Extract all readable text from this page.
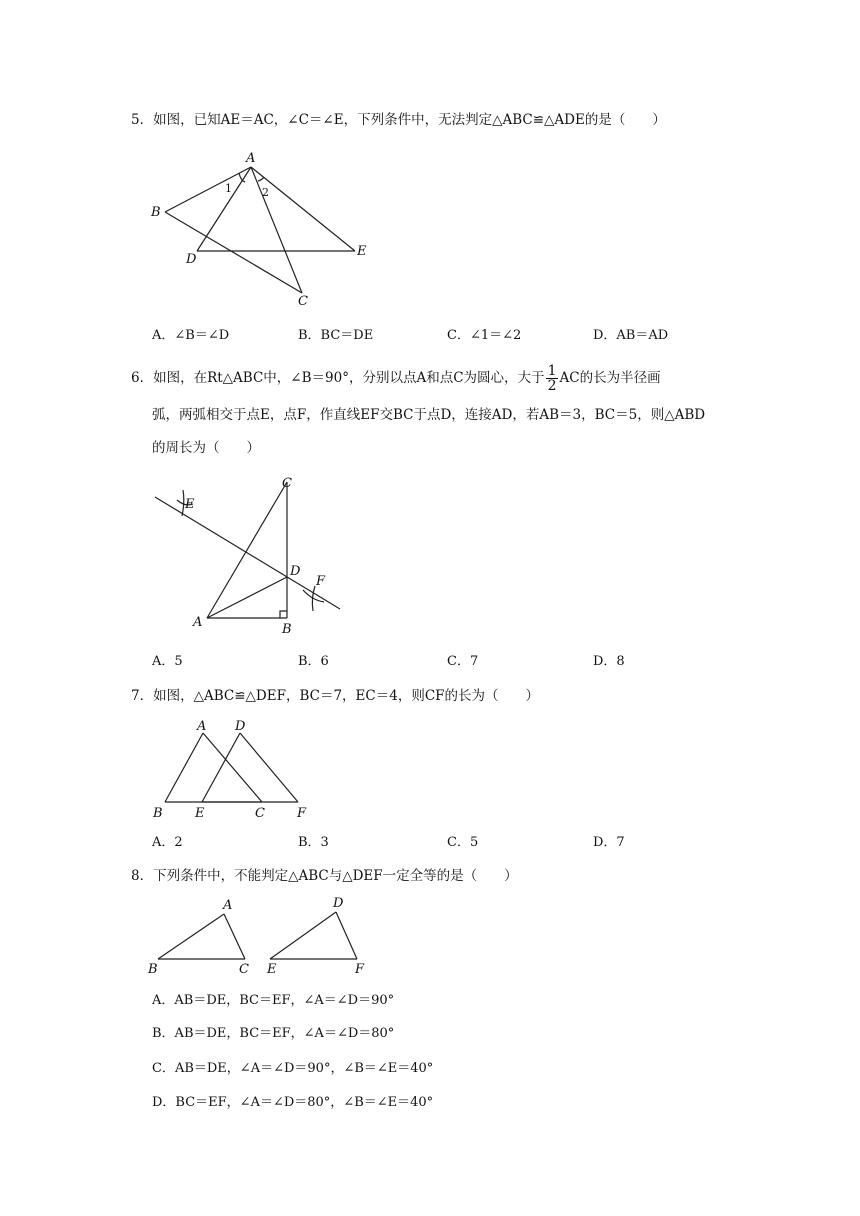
5．如图，已知AE＝AC，∠C＝∠E，下列条件中，无法判定△ABC≌△ADE的是（　　）
A
B
C
D
E
1	2
A．∠B＝∠D	B．BC＝DE	C．∠1＝∠2	D．AB＝AD
6．如图，在Rt△ABC中，∠B＝90°，分别以点A和点C为圆心，大于 $\frac{1}{2}$ AC的长为半径画
弧，两弧相交于点E，点F，作直线EF交BC于点D，连接AD，若AB＝3，BC＝5，则△ABD
的周长为（　　）
A	B
C
D
E
F
A．5	B．6	C．7	D．8
7．如图，△ABC≌△DEF，BC＝7，EC＝4，则CF的长为（　　）
A
B	C
D
E	F
A．2	B．3	C．5	D．7
8．下列条件中，不能判定△ABC与△DEF一定全等的是（　　）
A
B	C
D
E	F
A．AB＝DE，BC＝EF，∠A＝∠D＝90°
B．AB＝DE，BC＝EF，∠A＝∠D＝80°
C．AB＝DE，∠A＝∠D＝90°，∠B＝∠E＝40°
D．BC＝EF，∠A＝∠D＝80°，∠B＝∠E＝40°
